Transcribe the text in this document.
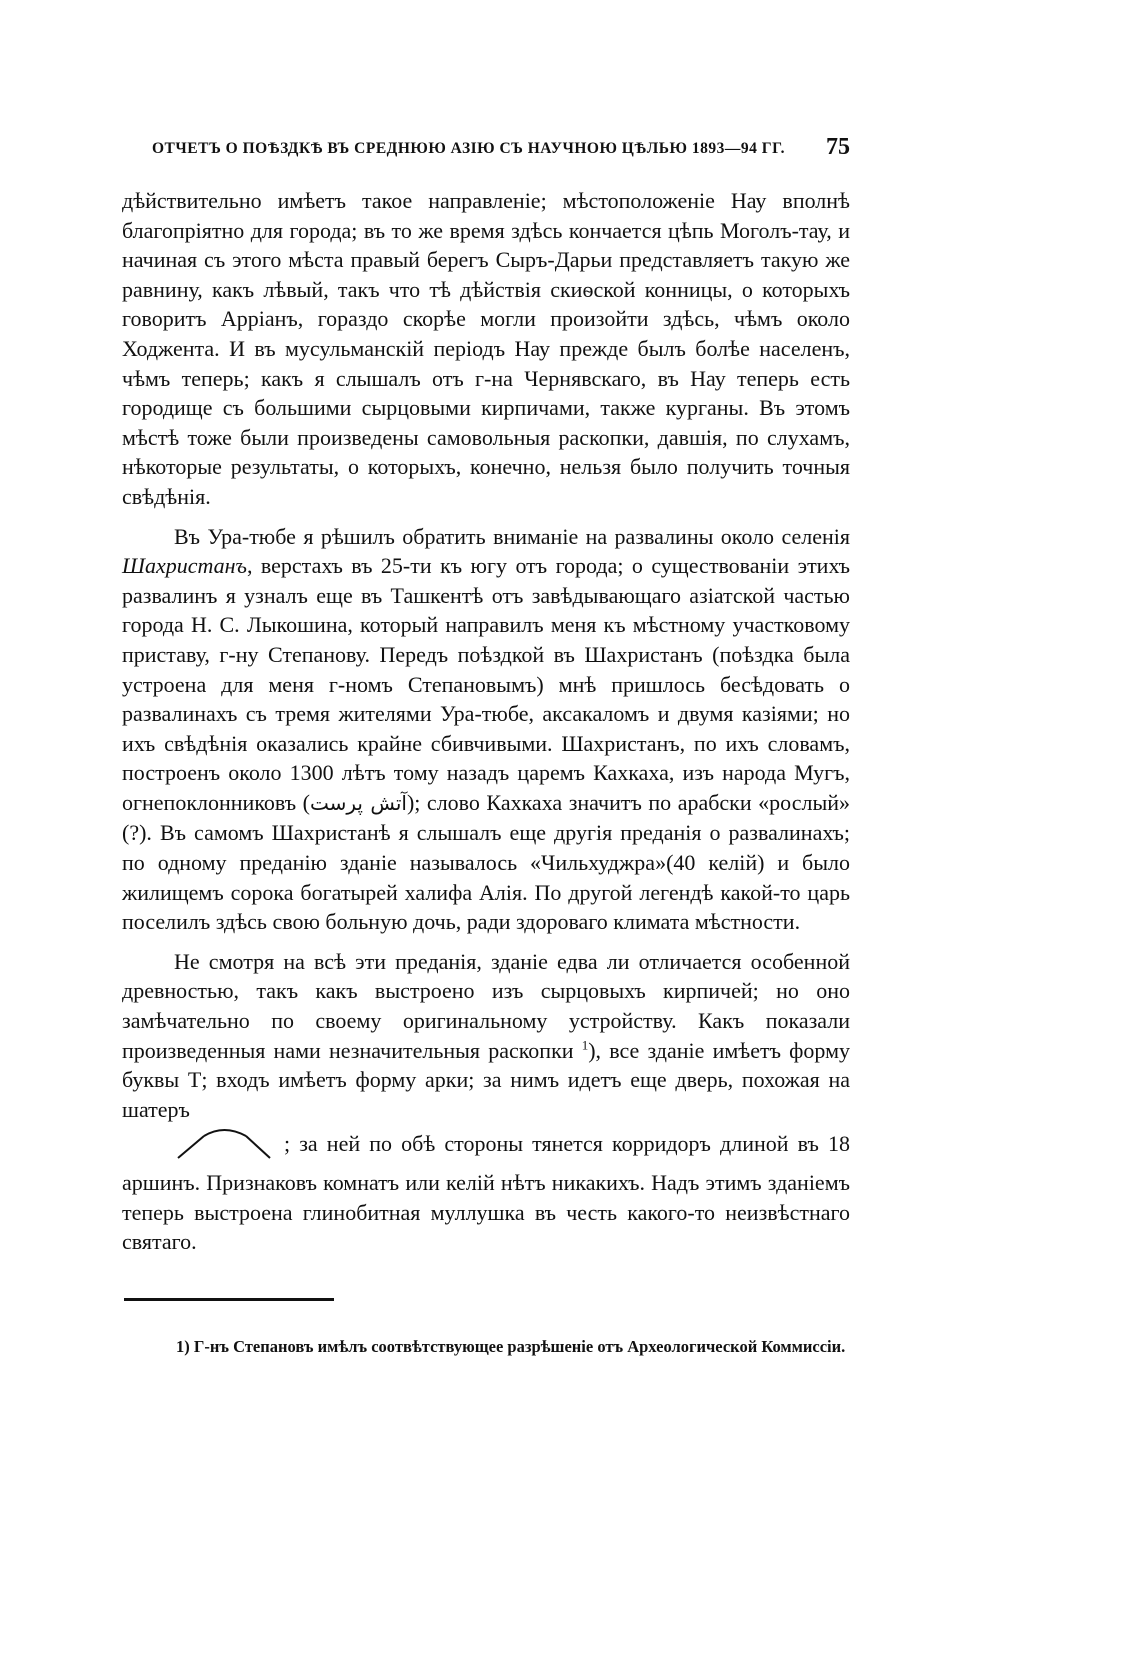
ОТЧЕТЪ О ПОѢЗДКѢ ВЪ СРЕДНЮЮ АЗІЮ СЪ НАУЧНОЮ ЦѢЛЬЮ 1893—94 ГГ. 75

дѣйствительно имѣетъ такое направленіе; мѣстоположеніе Нау вполнѣ благопріятно для города; въ то же время здѣсь кончается цѣпь Моголъ-тау, и начиная съ этого мѣста правый берегъ Сыръ-Дарьи представляетъ такую же равнину, какъ лѣвый, такъ что тѣ дѣйствія скиѳской конницы, о которыхъ говоритъ Арріанъ, гораздо скорѣе могли произойти здѣсь, чѣмъ около Ходжента. И въ мусульманскій періодъ Нау прежде былъ болѣе населенъ, чѣмъ теперь; какъ я слышалъ отъ г-на Чернявскаго, въ Нау теперь есть городище съ большими сырцовыми кирпичами, также курганы. Въ этомъ мѣстѣ тоже были произведены самовольныя раскопки, давшія, по слухамъ, нѣкоторые результаты, о которыхъ, конечно, нельзя было получить точныя свѣдѣнія.

Въ Ура-тюбе я рѣшилъ обратить вниманіе на развалины около селенія Шахристанъ, верстахъ въ 25-ти къ югу отъ города; о существованіи этихъ развалинъ я узналъ еще въ Ташкентѣ отъ завѣдывающаго азіатской частью города Н. С. Лыкошина, который направилъ меня къ мѣстному участковому приставу, г-ну Степанову. Передъ поѣздкой въ Шахристанъ (поѣздка была устроена для меня г-номъ Степановымъ) мнѣ пришлось бесѣдовать о развалинахъ съ тремя жителями Ура-тюбе, аксакаломъ и двумя казіями; но ихъ свѣдѣнія оказались крайне сбивчивыми. Шахристанъ, по ихъ словамъ, построенъ около 1300 лѣтъ тому назадъ царемъ Кахкаха, изъ народа Мугъ, огнепоклонниковъ (آتش پرست); слово Кахкаха значитъ по арабски «рослый» (?). Въ самомъ Шахристанѣ я слышалъ еще другія преданія о развалинахъ; по одному преданію зданіе называлось «Чильхуджра»(40 келій) и было жилищемъ сорока богатырей халифа Алія. По другой легендѣ какой-то царь поселилъ здѣсь свою больную дочь, ради здороваго климата мѣстности.

Не смотря на всѣ эти преданія, зданіе едва ли отличается особенной древностью, такъ какъ выстроено изъ сырцовыхъ кирпичей; но оно замѣчательно по своему оригинальному устройству. Какъ показали произведенныя нами незначительныя раскопки $^1$), все зданіе имѣетъ форму буквы Т; входъ имѣетъ форму арки; за нимъ идетъ еще дверь, похожая на шатеръ
; за ней по обѣ стороны тянется корридоръ длиной въ 18 аршинъ. Признаковъ комнатъ или келій нѣтъ никакихъ. Надъ этимъ зданіемъ теперь выстроена глинобитная муллушка въ честь какого-то неизвѣстнаго святаго.

1) Г-нъ Степановъ имѣлъ соотвѣтствующее разрѣшеніе отъ Археологической Коммиссіи.
